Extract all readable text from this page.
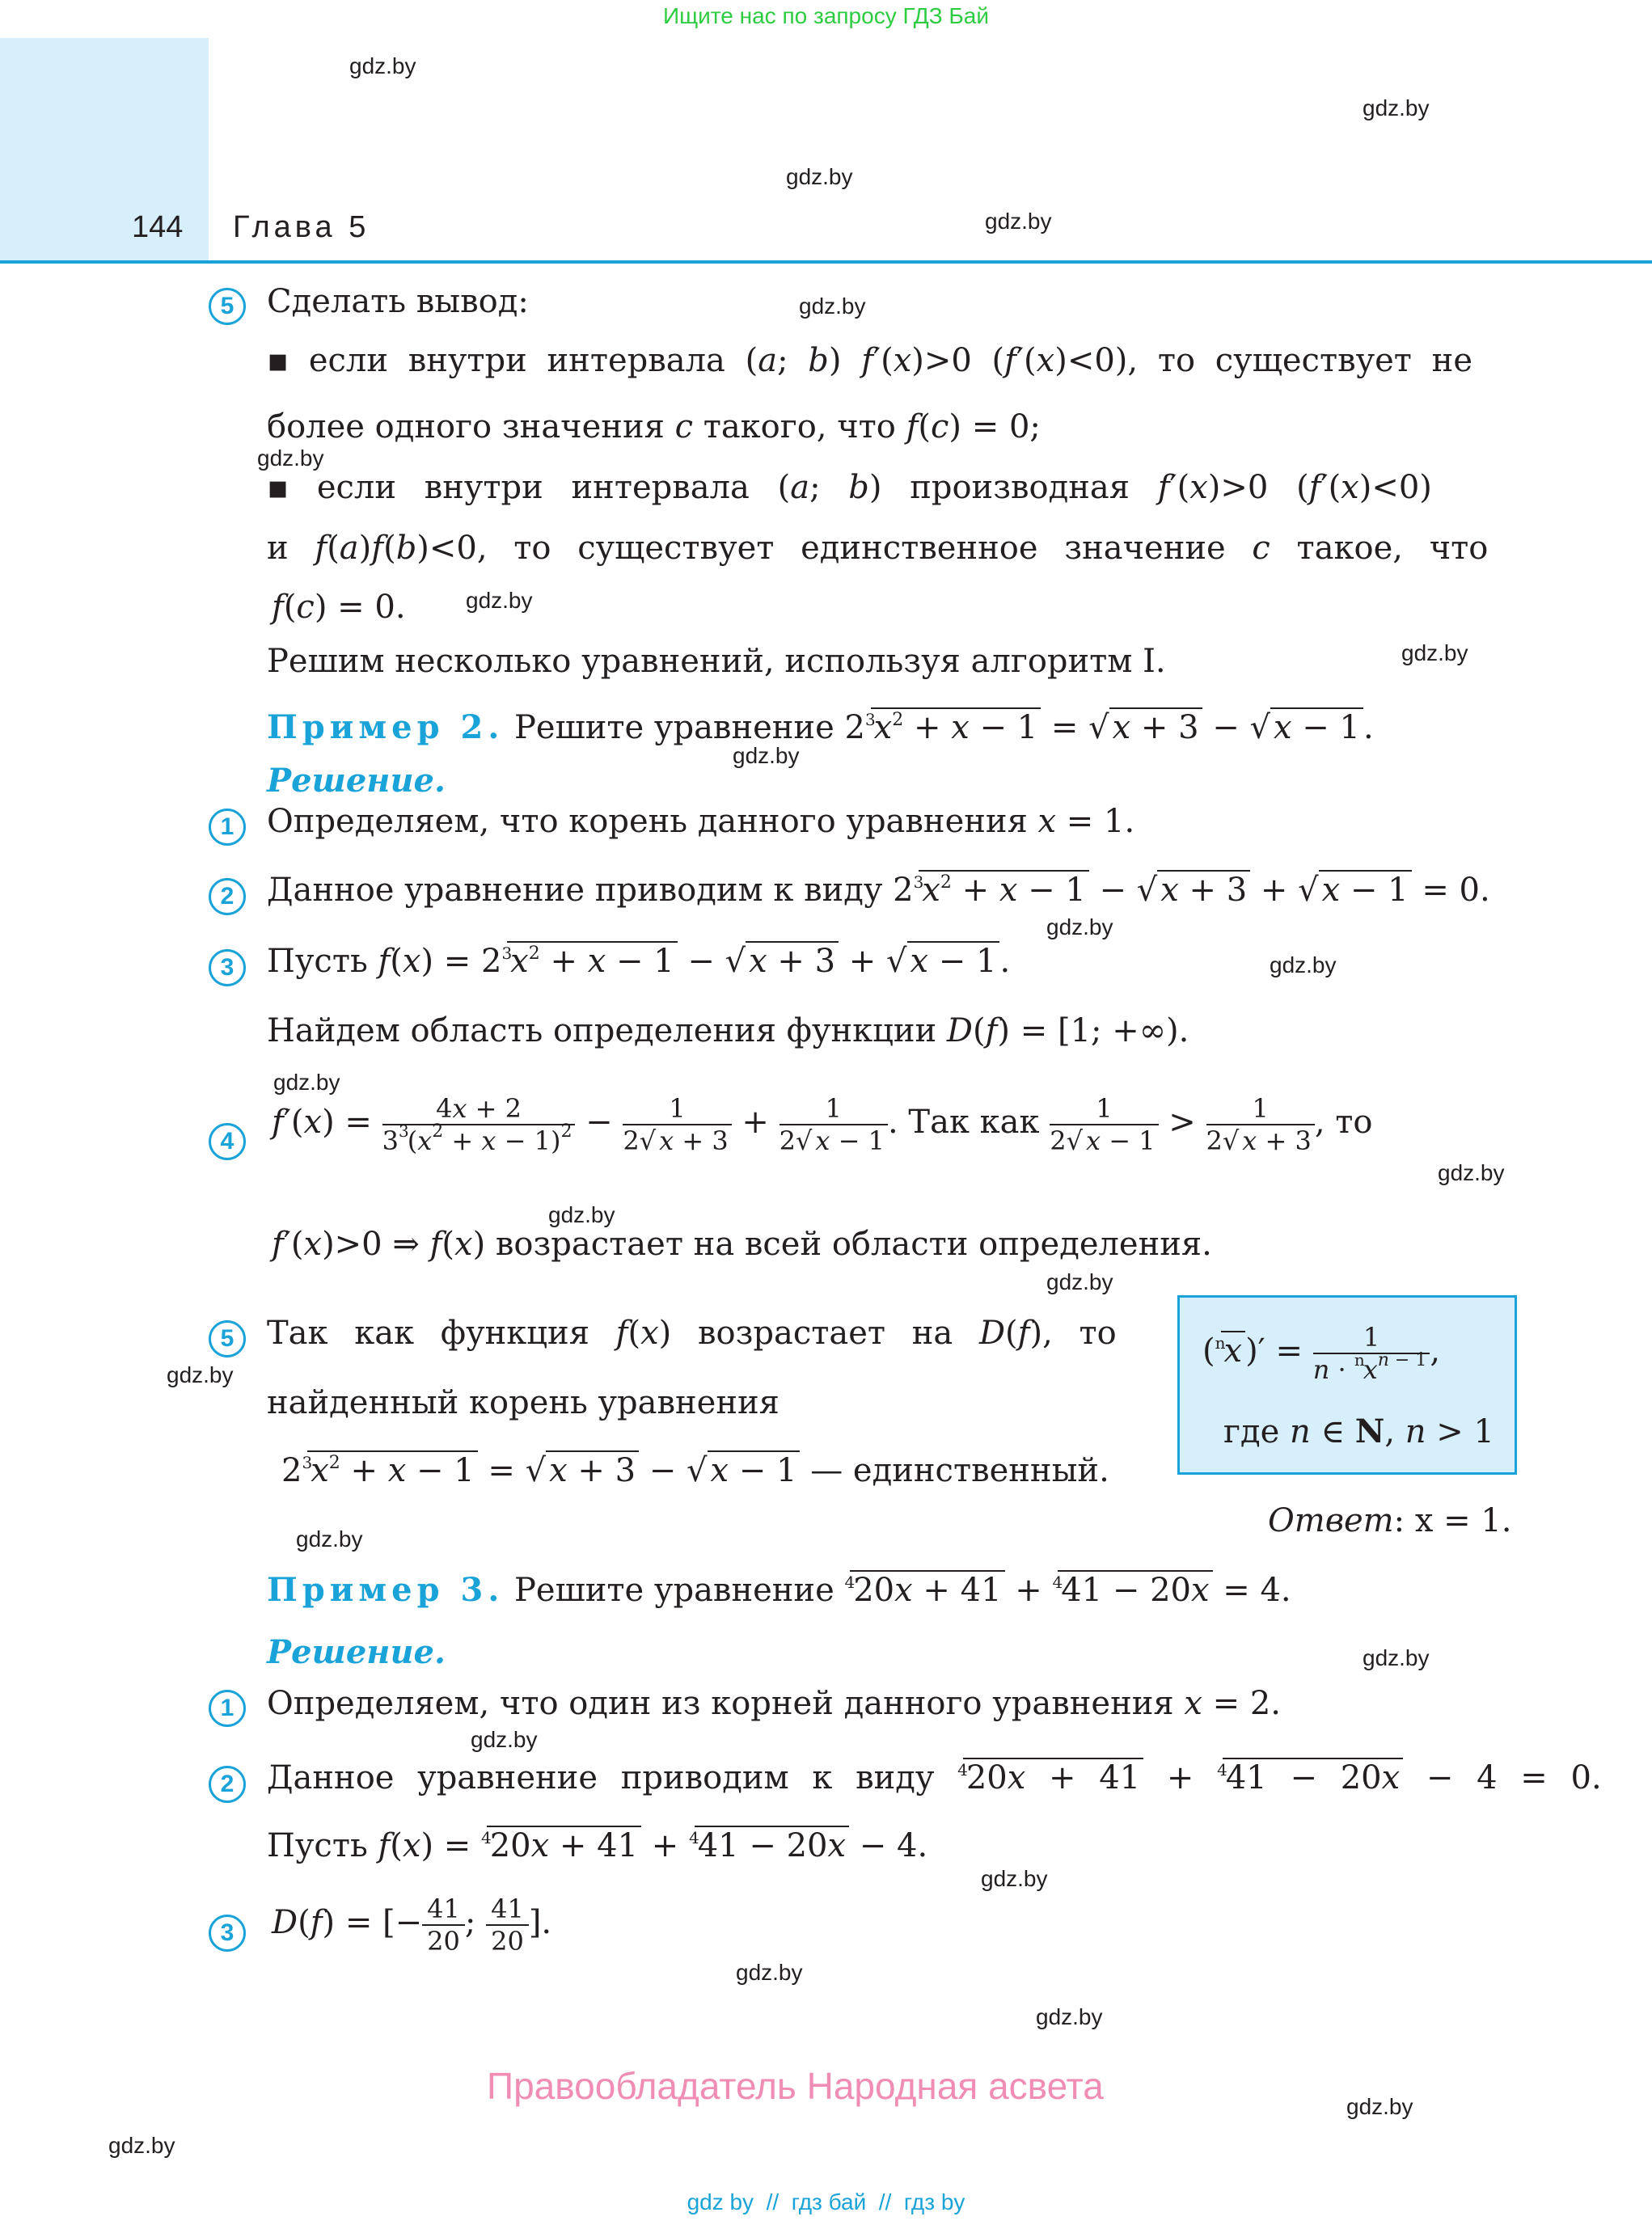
Ищите нас по запросу ГДЗ Бай
144 Глава 5
gdz.by
gdz.by
gdz.by
gdz.by
gdz.by
gdz.by
gdz.by
gdz.by
gdz.by
gdz.by
gdz.by
gdz.by
gdz.by
gdz.by
gdz.by
gdz.by
gdz.by
gdz.by
gdz.by
gdz.by
gdz.by
gdz.by
gdz.by
gdz.by
5	Сделать вывод:
▪ если внутри интервала (a; b) f′(x)>0 (f′(x)<0), то существует не
более одного значения c такого, что f(c) = 0;
▪ если внутри интервала (a; b) производная f′(x)>0 (f′(x)<0)
и f(a)f(b)<0, то существует единственное значение c такое, что
f(c) = 0.
Решим несколько уравнений, используя алгоритм I.
Пример 2. Решите уравнение $2^3x^2 + x - 1$ = √ x + 3 − √ x − 1 .
Решение.
1	Определяем, что корень данного уравнения x = 1.
2	Данное уравнение приводим к виду $2^3x^2 + x - 1$ − √ x + 3 + √ x − 1 = 0.
3	Пусть $f(x) = 2^3x^2 + x - 1$ − √ x + 3 + √ x − 1 .
Найдем область определения функции D(f) = [1; +∞).
4
$f'(x) = \frac{4x + 2}{3^3(x^2 + x - 1)^2} - \frac{1}{2√ x + 3} + \frac{1}{2√ x - 1}$ . Так как $\frac{1}{2√ x - 1} > \frac{1}{2√ x + 3}$ , то
f′(x)>0 ⇒ f(x) возрастает на всей области определения.
5	Так как функция f(x) возрастает на D(f), то
найденный корень уравнения
$2^3x^2 + x - 1$ = √ x + 3 − √ x − 1 — единственный.
($^n$x )′ = $\frac{1}{n \cdot ^nx^{n - 1}}$ ,
где n ∈ N, n > 1
Ответ: x = 1.
Пример 3. Решите уравнение $^4$20x + 41 + $^4$41 − 20x = 4.
Решение.
1	Определяем, что один из корней данного уравнения x = 2.
2	Данное уравнение приводим к виду $^4$20x + 41 + $^4$41 − 20x − 4 = 0.
Пусть f(x) = $^4$20x + 41 + $^4$41 − 20x − 4.
3	D(f) = [− $\frac{41}{20}$ ; $\frac{41}{20}$ ].
Правообладатель Народная асвета
gdz by  //  гдз бай  //  гдз by
